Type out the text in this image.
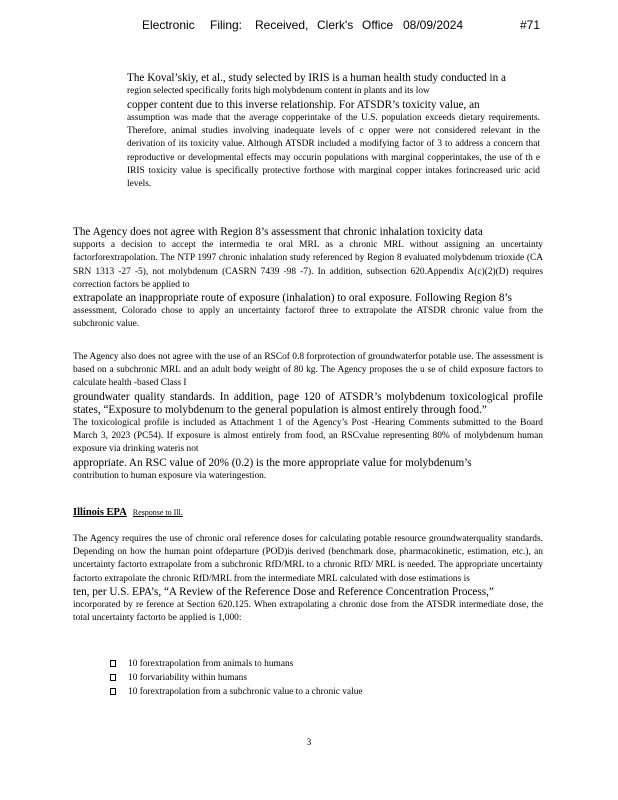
Electronic Filing: Received, Clerk's Office 08/09/2024	#71

The Koval’skiy, et al., study selected by IRIS is a human health study conducted in a

region selected specifically forits high molybdenum content in plants and its low

copper content due to this inverse relationship. For ATSDR’s toxicity value, an

assumption was made that the average copperintake of the U.S. population exceeds dietary requirements. Therefore, animal studies involving inadequate levels of c opper were not considered relevant in the derivation of its toxicity value. Although ATSDR included a modifying factor of 3 to address a concern that reproductive or developmental effects may occurin populations with marginal copperintakes, the use of th e IRIS toxicity value is specifically protective forthose with marginal copper intakes forincreased uric acid levels.

The Agency does not agree with Region 8’s assessment that chronic inhalation toxicity data

supports a decision to accept the intermedia te oral MRL as a chronic MRL without assigning an uncertainty factorforextrapolation. The NTP 1997 chronic inhalation study referenced by Region 8 evaluated molybdenum trioxide (CA SRN 1313 -27 -5), not molybdenum (CASRN 7439 -98 -7). In addition, subsection 620.Appendix A(c)(2)(D) requires correction factors be applied to

extrapolate an inappropriate route of exposure (inhalation) to oral exposure. Following Region 8’s

assessment, Colorado chose to apply an uncertainty factorof three to extrapolate the ATSDR chronic value from the subchronic value.

The Agency also does not agree with the use of an RSCof 0.8 forprotection of groundwaterfor potable use. The assessment is based on a subchronic MRL and an adult body weight of 80 kg. The Agency proposes the u se of child exposure factors to calculate health -based Class I

groundwater quality standards. In addition, page 120 of ATSDR’s molybdenum toxicological profile states, “Exposure to molybdenum to the general population is almost entirely through food.”

The toxicological profile is included as Attachment 1 of the Agency’s Post -Hearing Comments submitted to the Board March 3, 2023 (PC54). If exposure is almost entirely from food, an RSCvalue representing 80% of molybdenum human exposure via drinking wateris not

appropriate. An RSC value of 20% (0.2) is the more appropriate value for molybdenum’s

contribution to human exposure via wateringestion.

Illinois EPA Response to Ill.

The Agency requires the use of chronic oral reference doses for calculating potable resource groundwaterquality standards. Depending on how the human point ofdeparture (POD)is derived (benchmark dose, pharmacokinetic, estimation, etc.), an uncertainty factorto extrapolate from a subchronic RfD/MRL to a chronic RfD/ MRL is needed. The appropriate uncertainty factorto extrapolate the chronic RfD/MRL from the intermediate MRL calculated with dose estimations is

ten, per U.S. EPA’s, “A Review of the Reference Dose and Reference Concentration Process,”

incorporated by re ference at Section 620.125. When extrapolating a chronic dose from the ATSDR intermediate dose, the total uncertainty factorto be applied is 1,000:

10 forextrapolation from animals to humans
10 forvariability within humans
10 forextrapolation from a subchronic value to a chronic value
3
